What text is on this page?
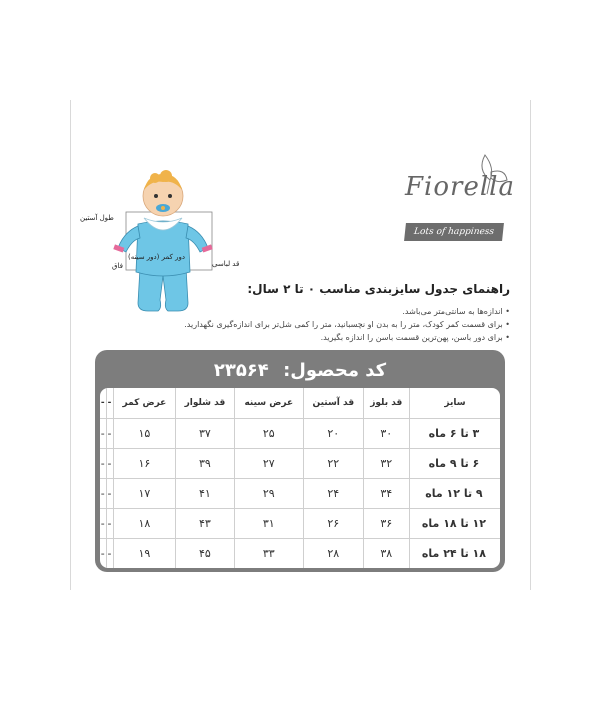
طول آستین
دور کمر (دور سینه)
فاق	قد لباسی
Fiorella
Lots of happiness
راهنمای جدول سایزبندی مناسب ۰ تا ۲ سال:
• اندازه‌ها به سانتی‌متر می‌باشد.
• برای قسمت کمر کودک، متر را به بدن او نچسبانید، متر را کمی شل‌تر برای اندازه‌گیری نگهدارید.
• برای دور باسن، پهن‌ترین قسمت باسن را اندازه بگیرید.
کد محصول: ۲۳۵۶۴
-	-	عرض کمر	قد شلوار	عرض سینه	قد آستین	قد بلوز	سایز
-	-	۱۵	۳۷	۲۵	۲۰	۳۰	۳ تا ۶ ماه
-	-	۱۶	۳۹	۲۷	۲۲	۳۲	۶ تا ۹ ماه
-	-	۱۷	۴۱	۲۹	۲۴	۳۴	۹ تا ۱۲ ماه
-	-	۱۸	۴۳	۳۱	۲۶	۳۶	۱۲ تا ۱۸ ماه
-	-	۱۹	۴۵	۳۳	۲۸	۳۸	۱۸ تا ۲۴ ماه
